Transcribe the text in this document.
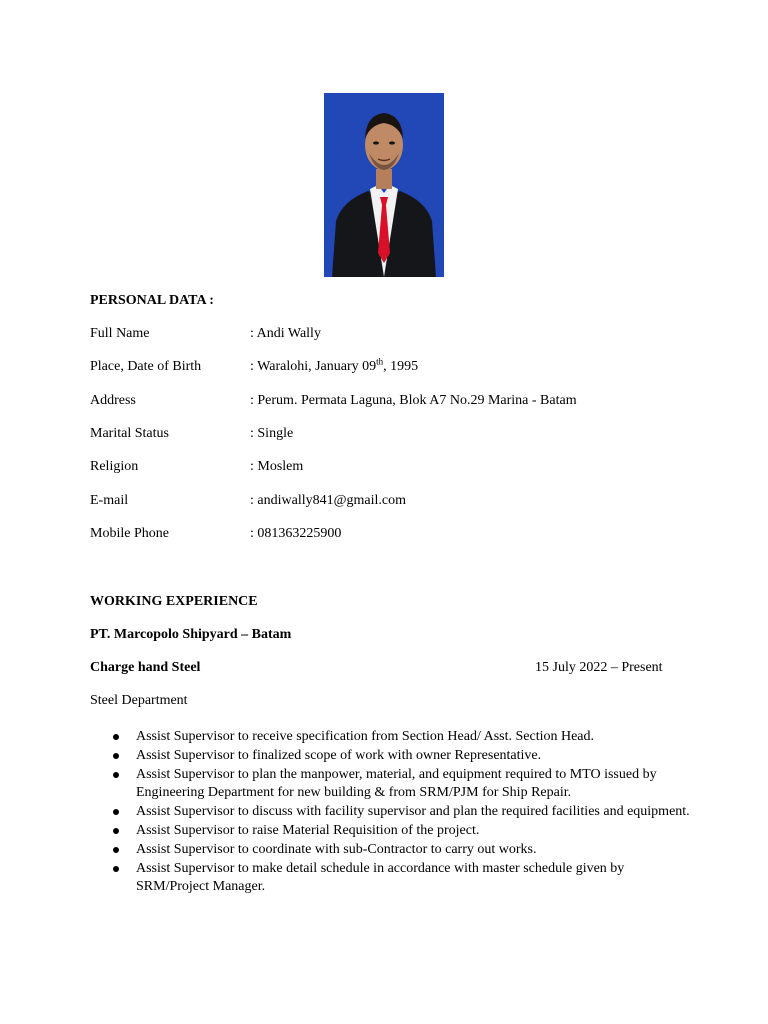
PERSONAL DATA :
Full Name	: Andi Wally
Place, Date of Birth	: Waralohi, January 09th, 1995
Address	: Perum. Permata Laguna, Blok A7 No.29 Marina - Batam
Marital Status	: Single
Religion	: Moslem
E-mail	: andiwally841@gmail.com
Mobile Phone	: 081363225900
WORKING EXPERIENCE
PT. Marcopolo Shipyard – Batam
Charge hand Steel	15 July 2022 – Present
Steel Department
Assist Supervisor to receive specification from Section Head/ Asst. Section Head.
Assist Supervisor to finalized scope of work with owner Representative.
Assist Supervisor to plan the manpower, material, and equipment required to MTO issued by Engineering Department for new building & from SRM/PJM for Ship Repair.
Assist Supervisor to discuss with facility supervisor and plan the required facilities and equipment.
Assist Supervisor to raise Material Requisition of the project.
Assist Supervisor to coordinate with sub-Contractor to carry out works.
Assist Supervisor to make detail schedule in accordance with master schedule given by SRM/Project Manager.
